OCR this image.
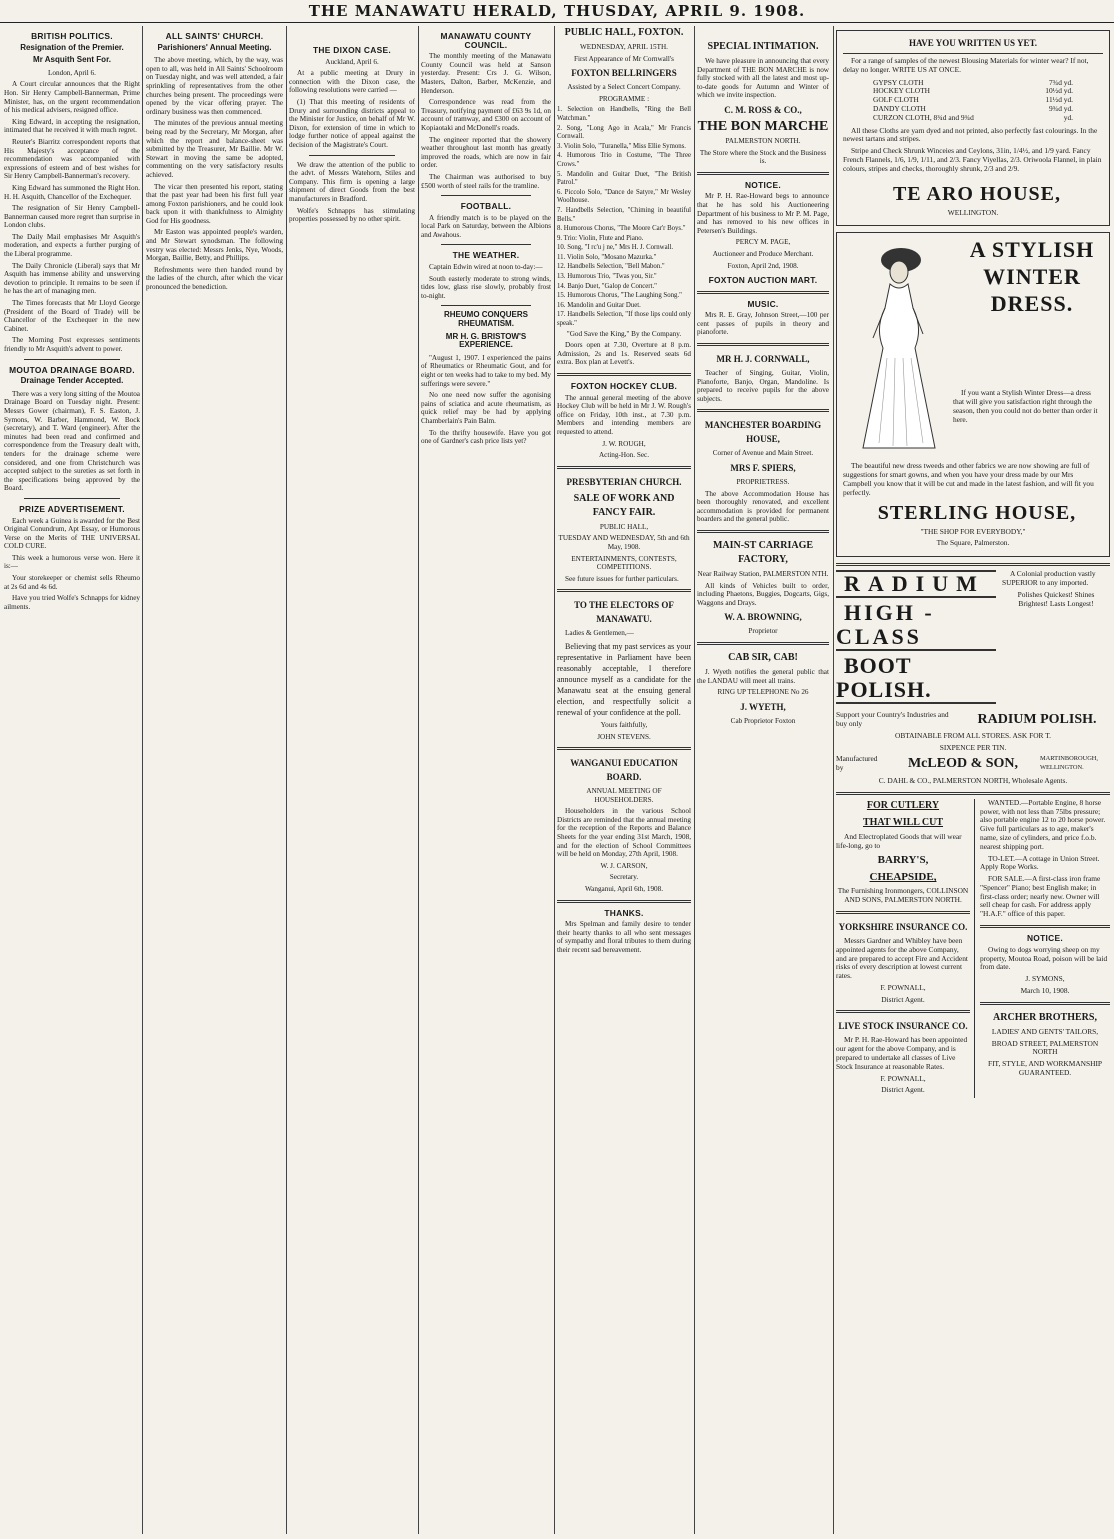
THE MANAWATU HERALD, THUSDAY, APRIL 9. 1908.
BRITISH POLITICS.
Resignation of the Premier.
Mr Asquith Sent For.

London, April 6.

A Court circular announces that the Right Hon. Sir Henry Campbell-Bannerman, Prime Minister, has, on the urgent recommendation of his medical advisers, resigned office.

King Edward, in accepting the resignation, intimated that he received it with much regret.

Reuter's Biarritz correspondent reports that His Majesty's acceptance of the recommendation was accompanied with expressions of esteem and of best wishes for Sir Henry Campbell-Bannerman's recovery.

King Edward has summoned the Right Hon. H. H. Asquith, Chancellor of the Exchequer.

The resignation of Sir Henry Campbell-Bannerman caused more regret than surprise in London clubs.

The Daily Mail emphasises Mr Asquith's moderation, and expects a further purging of the Liberal programme.

The Daily Chronicle (Liberal) says that Mr Asquith has immense ability and unswerving devotion to principle. It remains to be seen if he has the art of managing men.

The Times forecasts that Mr Lloyd George (President of the Board of Trade) will be Chancellor of the Exchequer in the new Cabinet.

The Morning Post expresses sentiments friendly to Mr Asquith's advent to power.

MOUTOA DRAINAGE BOARD.
Drainage Tender Accepted.

There was a very long sitting of the Moutoa Drainage Board on Tuesday night. Present: Messrs Gower (chairman), F. S. Easton, J. Symons, W. Barber, Hammond, W. Bock (secretary), and T. Ward (engineer). After the minutes had been read and confirmed and correspondence from the Treasury dealt with, tenders for the drainage scheme were considered, and one from Christchurch was accepted subject to the sureties as set forth in the specifications being approved by the Board.

PRIZE ADVERTISEMENT.

Each week a Guinea is awarded for the Best Original Conundrum, Apt Essay, or Humorous Verse on the Merits of THE UNIVERSAL COLD CURE.

This week a humorous verse won. Here it is:—

Your storekeeper or chemist sells Rheumo at 2s 6d and 4s 6d.

Have you tried Wolfe's Schnapps for kidney ailments.

ALL SAINTS' CHURCH.
Parishioners' Annual Meeting.

The above meeting, which, by the way, was open to all, was held in All Saints' Schoolroom on Tuesday night, and was well attended, a fair sprinkling of representatives from the other churches being present. The proceedings were opened by the vicar offering prayer. The ordinary business was then commenced.

The minutes of the previous annual meeting being read by the Secretary, Mr Morgan, after which the report and balance-sheet was submitted by the Treasurer, Mr Baillie. Mr W. Stewart in moving the same be adopted, commenting on the very satisfactory results achieved.

The vicar then presented his report, stating that the past year had been his first full year among Foxton parishioners, and he could look back upon it with thankfulness to Almighty God for His goodness.

Mr Easton was appointed people's warden, and Mr Stewart synodsman. The following vestry was elected: Messrs Jenks, Nye, Woods, Morgan, Baillie, Betty, and Phillips.

Refreshments were then handed round by the ladies of the church, after which the vicar pronounced the benediction.

THE DIXON CASE.

Auckland, April 6.

At a public meeting at Drury in connection with the Dixon case, the following resolutions were carried —

(1) That this meeting of residents of Drury and surrounding districts appeal to the Minister for Justice, on behalf of Mr W. Dixon, for extension of time in which to lodge further notice of appeal against the decision of the Magistrate's Court.

We draw the attention of the public to the advt. of Messrs Watehorn, Stiles and Company. This firm is opening a large shipment of direct Goods from the best manufacturers in Bradford.

Wolfe's Schnapps has stimulating properties possessed by no other spirit.

MANAWATU COUNTY COUNCIL.

The monthly meeting of the Manawatu County Council was held at Sanson yesterday. Present: Crs J. G. Wilson, Masters, Dalton, Barber, McKenzie, and Henderson.

Correspondence was read from the Treasury, notifying payment of £63 9s 1d, on account of tramway, and £300 on account of Kopiaotaki and McDonell's roads.

The engineer reported that the showery weather throughout last month has greatly improved the roads, which are now in fair order.

The Chairman was authorised to buy £500 worth of steel rails for the tramline.

FOOTBALL.

A friendly match is to be played on the local Park on Saturday, between the Albions and Awahous.

THE WEATHER.

Captain Edwin wired at noon to-day:—

South easterly moderate to strong winds, tides low, glass rise slowly, probably frost to-night.

RHEUMO CONQUERS RHEUMATISM.
MR H. G. BRISTOW'S EXPERIENCE.

"August 1, 1907. I experienced the pains of Rheumatics or Rheumatic Gout, and for eight or ten weeks had to take to my bed. My sufferings were severe."

No one need now suffer the agonising pains of sciatica and acute rheumatism, as quick relief may be had by applying Chamberlain's Pain Balm.

To the thrifty housewife. Have you got one of Gardner's cash price lists yet?

PUBLIC HALL, FOXTON.

WEDNESDAY, APRIL 15TH.

First Appearance of Mr Cornwall's

FOXTON BELLRINGERS

Assisted by a Select Concert Company.

PROGRAMME :

1. Selection on Handbells, "Ring the Bell Watchman."

2. Song, "Long Ago in Acala," Mr Francis Cornwall.

3. Violin Solo, "Turanella," Miss Ellie Symons.

4. Humorous Trio in Costume, "The Three Crows."

5. Mandolin and Guitar Duet, "The British Patrol."

6. Piccolo Solo, "Dance de Satyre," Mr Wesley Woolhouse.

7. Handbells Selection, "Chiming in beautiful Bells."

8. Humorous Chorus, "The Moore Car'r Boys."

9. Trio: Violin, Flute and Piano.

10. Song, "I rc'u j ne," Mrs H. J. Cornwall.

11. Violin Solo, "Mosano Mazurka."

12. Handbells Selection, "Bell Mabon."

13. Humorous Trio, "Twas you, Sir."

14. Banjo Duet, "Galop de Concert."

15. Humorous Chorus, "The Laughing Song."

16. Mandolin and Guitar Duet.

17. Handbells Selection, "If those lips could only speak."

"God Save the King," By the Company.

Doors open at 7.30, Overture at 8 p.m. Admission, 2s and 1s. Reserved seats 6d extra. Box plan at Levett's.

FOXTON HOCKEY CLUB.

The annual general meeting of the above Hockey Club will be held in Mr J. W. Rough's office on Friday, 10th inst., at 7.30 p.m. Members and intending members are requested to attend.

J. W. ROUGH,

Acting-Hon. Sec.

PRESBYTERIAN CHURCH.

SALE OF WORK AND FANCY FAIR.

PUBLIC HALL,

TUESDAY AND WEDNESDAY, 5th and 6th May, 1908.

ENTERTAINMENTS, CONTESTS, COMPETITIONS.

See future issues for further particulars.

TO THE ELECTORS OF MANAWATU.

Ladies & Gentlemen,—

Believing that my past services as your representative in Parliament have been reasonably acceptable, I therefore announce myself as a candidate for the Manawatu seat at the ensuing general election, and respectfully solicit a renewal of your confidence at the poll.

Yours faithfully,

JOHN STEVENS.

WANGANUI EDUCATION BOARD.

ANNUAL MEETING OF HOUSEHOLDERS.

Householders in the various School Districts are reminded that the annual meeting for the reception of the Reports and Balance Sheets for the year ending 31st March, 1908, and for the election of School Committees will be held on Monday, 27th April, 1908.

W. J. CARSON,

Secretary.

Wanganui, April 6th, 1908.

THANKS.

Mrs Spelman and family desire to tender their hearty thanks to all who sent messages of sympathy and floral tributes to them during their recent sad bereavement.

SPECIAL INTIMATION.

We have pleasure in announcing that every Department of THE BON MARCHE is now fully stocked with all the latest and most up-to-date goods for Autumn and Winter of which we invite inspection.

C. M. ROSS & CO.,

THE BON MARCHE

PALMERSTON NORTH.

The Store where the Stock and the Business is.

NOTICE.

Mr P. H. Rae-Howard begs to announce that he has sold his Auctioneering Department of his business to Mr P. M. Page, and has removed to his new offices in Petersen's Buildings.

PERCY M. PAGE,

Auctioneer and Produce Merchant.

Foxton, April 2nd, 1908.

FOXTON AUCTION MART.
MUSIC.

Mrs R. E. Gray, Johnson Street,—100 per cent passes of pupils in theory and pianoforte.

MR H. J. CORNWALL,

Teacher of Singing, Guitar, Violin, Pianoforte, Banjo, Organ, Mandoline. Is prepared to receive pupils for the above subjects.

MANCHESTER BOARDING HOUSE,

Corner of Avenue and Main Street.

MRS F. SPIERS,

PROPRIETRESS.

The above Accommodation House has been thoroughly renovated, and excellent accommodation is provided for permanent boarders and the general public.

MAIN-ST CARRIAGE FACTORY,

Near Railway Station, PALMERSTON NTH.

All kinds of Vehicles built to order, including Phaetons, Buggies, Dogcarts, Gigs, Waggons and Drays.

W. A. BROWNING,

Proprietor

CAB SIR, CAB!

J. Wyeth notifies the general public that the LANDAU will meet all trains.

RING UP TELEPHONE No 26

J. WYETH,

Cab Proprietor Foxton

HAVE YOU WRITTEN US YET.

For a range of samples of the newest Blousing Materials for winter wear? If not, delay no longer. WRITE US AT ONCE.

GYPSY CLOTH	7¾d yd.
HOCKEY CLOTH	10½d yd.
GOLF CLOTH	11½d yd.
DANDY CLOTH	9¾d yd.
CURZON CLOTH, 8¾d and 9¾d	yd.

All these Cloths are yarn dyed and not printed, also perfectly fast colourings. In the newest tartans and stripes.

Stripe and Check Shrunk Winceies and Ceylons, 31in, 1/4½, and 1/9 yard. Fancy French Flannels, 1/6, 1/9, 1/11, and 2/3. Fancy Viyellas, 2/3. Oriwoola Flannel, in plain colours, stripes and checks, thoroughly shrunk, 2/3 and 2/9.

TE ARO HOUSE,

WELLINGTON.

A STYLISH

WINTER

DRESS.

If you want a Stylish Winter Dress—a dress that will give you satisfaction right through the season, then you could not do better than order it here.

The beautiful new dress tweeds and other fabrics we are now showing are full of suggestions for smart gowns, and when you have your dress made by our Mrs Campbell you know that it will be cut and made in the latest fashion, and will fit you perfectly.

STERLING HOUSE,

"THE SHOP FOR EVERYBODY,"

The Square, Palmerston.

RADIUM

HIGH - CLASS

BOOT POLISH.

A Colonial production vastly SUPERIOR to any imported.

Polishes Quickest! Shines Brightest! Lasts Longest!

Support your Country's Industries and buy only	RADIUM POLISH.

OBTAINABLE FROM ALL STORES. ASK FOR T.

SIXPENCE PER TIN.

Manufactured by	McLEOD & SON,	MARTINBOROUGH, WELLINGTON.

C. DAHL & CO., PALMERSTON NORTH, Wholesale Agents.

FOR CUTLERY

THAT WILL CUT

And Electroplated Goods that will wear life-long, go to

BARRY'S,

CHEAPSIDE,

The Furnishing Ironmongers, COLLINSON AND SONS, PALMERSTON NORTH.

YORKSHIRE INSURANCE CO.

Messrs Gardner and Whibley have been appointed agents for the above Company, and are prepared to accept Fire and Accident risks of every description at lowest current rates.

F. POWNALL,

District Agent.

LIVE STOCK INSURANCE CO.

Mr P. H. Rae-Howard has been appointed our agent for the above Company, and is prepared to undertake all classes of Live Stock Insurance at reasonable Rates.

F. POWNALL,

District Agent.

WANTED.—Portable Engine, 8 horse power, with not less than 75lbs pressure; also portable engine 12 to 20 horse power. Give full particulars as to age, maker's name, size of cylinders, and price f.o.b. nearest shipping port.

TO-LET.—A cottage in Union Street. Apply Rope Works.

FOR SALE.—A first-class iron frame "Spencer" Piano; best English make; in first-class order; nearly new. Owner will sell cheap for cash. For address apply "H.A.F." office of this paper.

NOTICE.

Owing to dogs worrying sheep on my property, Moutoa Road, poison will be laid from date.

J. SYMONS,

March 10, 1908.

ARCHER BROTHERS,

LADIES' AND GENTS' TAILORS,

BROAD STREET, PALMERSTON NORTH

FIT, STYLE, AND WORKMANSHIP GUARANTEED.
